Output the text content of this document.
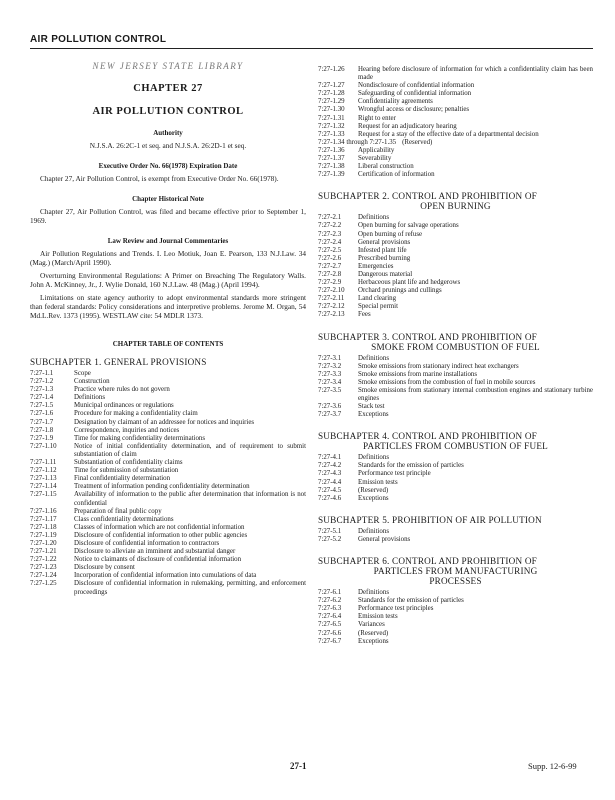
AIR POLLUTION CONTROL
NEW JERSEY STATE LIBRARY
CHAPTER 27
AIR POLLUTION CONTROL
Authority
N.J.S.A. 26:2C-1 et seq. and N.J.S.A. 26:2D-1 et seq.
Executive Order No. 66(1978) Expiration Date
Chapter 27, Air Pollution Control, is exempt from Executive Order No. 66(1978).
Chapter Historical Note
Chapter 27, Air Pollution Control, was filed and became effective prior to September 1, 1969.
Law Review and Journal Commentaries
Air Pollution Regulations and Trends. I. Leo Motiuk, Joan E. Pearson, 133 N.J.Law. 34 (Mag.) (March/April 1990).
Overturning Environmental Regulations: A Primer on Breaching The Regulatory Walls. John A. McKinney, Jr., J. Wylie Donald, 160 N.J.Law. 48 (Mag.) (April 1994).
Limitations on state agency authority to adopt environmental standards more stringent than federal standards: Policy considerations and interpretive problems. Jerome M. Organ, 54 Md.L.Rev. 1373 (1995). WESTLAW cite: 54 MDLR 1373.
CHAPTER TABLE OF CONTENTS
SUBCHAPTER 1. GENERAL PROVISIONS
7:27-1.1	Scope
7:27-1.2	Construction
7:27-1.3	Practice where rules do not govern
7:27-1.4	Definitions
7:27-1.5	Municipal ordinances or regulations
7:27-1.6	Procedure for making a confidentiality claim
7:27-1.7	Designation by claimant of an addressee for notices and inquiries
7:27-1.8	Correspondence, inquiries and notices
7:27-1.9	Time for making confidentiality determinations
7:27-1.10	Notice of initial confidentiality determination, and of requirement to submit substantiation of claim
7:27-1.11	Substantiation of confidentiality claims
7:27-1.12	Time for submission of substantiation
7:27-1.13	Final confidentiality determination
7:27-1.14	Treatment of information pending confidentiality determination
7:27-1.15	Availability of information to the public after determination that information is not confidential
7:27-1.16	Preparation of final public copy
7:27-1.17	Class confidentiality determinations
7:27-1.18	Classes of information which are not confidential information
7:27-1.19	Disclosure of confidential information to other public agencies
7:27-1.20	Disclosure of confidential information to contractors
7:27-1.21	Disclosure to alleviate an imminent and substantial danger
7:27-1.22	Notice to claimants of disclosure of confidential information
7:27-1.23	Disclosure by consent
7:27-1.24	Incorporation of confidential information into cumulations of data
7:27-1.25	Disclosure of confidential information in rulemaking, permitting, and enforcement proceedings
7:27-1.26	Hearing before disclosure of information for which a confidentiality claim has been made
7:27-1.27	Nondisclosure of confidential information
7:27-1.28	Safeguarding of confidential information
7:27-1.29	Confidentiality agreements
7:27-1.30	Wrongful access or disclosure; penalties
7:27-1.31	Right to enter
7:27-1.32	Request for an adjudicatory hearing
7:27-1.33	Request for a stay of the effective date of a departmental decision
7:27-1.34 through 7:27-1.35 (Reserved)
7:27-1.36	Applicability
7:27-1.37	Severability
7:27-1.38	Liberal construction
7:27-1.39	Certification of information
SUBCHAPTER 2. CONTROL AND PROHIBITION OF
OPEN BURNING
7:27-2.1	Definitions
7:27-2.2	Open burning for salvage operations
7:27-2.3	Open burning of refuse
7:27-2.4	General provisions
7:27-2.5	Infested plant life
7:27-2.6	Prescribed burning
7:27-2.7	Emergencies
7:27-2.8	Dangerous material
7:27-2.9	Herbaceous plant life and hedgerows
7:27-2.10	Orchard prunings and cullings
7:27-2.11	Land clearing
7:27-2.12	Special permit
7:27-2.13	Fees
SUBCHAPTER 3. CONTROL AND PROHIBITION OF
SMOKE FROM COMBUSTION OF FUEL
7:27-3.1	Definitions
7:27-3.2	Smoke emissions from stationary indirect heat exchangers
7:27-3.3	Smoke emissions from marine installations
7:27-3.4	Smoke emissions from the combustion of fuel in mobile sources
7:27-3.5	Smoke emissions from stationary internal combustion engines and stationary turbine engines
7:27-3.6	Stack test
7:27-3.7	Exceptions
SUBCHAPTER 4. CONTROL AND PROHIBITION OF
PARTICLES FROM COMBUSTION OF FUEL
7:27-4.1	Definitions
7:27-4.2	Standards for the emission of particles
7:27-4.3	Performance test principle
7:27-4.4	Emission tests
7:27-4.5	(Reserved)
7:27-4.6	Exceptions
SUBCHAPTER 5. PROHIBITION OF AIR POLLUTION
7:27-5.1	Definitions
7:27-5.2	General provisions
SUBCHAPTER 6. CONTROL AND PROHIBITION OF
PARTICLES FROM MANUFACTURING
PROCESSES
7:27-6.1	Definitions
7:27-6.2	Standards for the emission of particles
7:27-6.3	Performance test principles
7:27-6.4	Emission tests
7:27-6.5	Variances
7:27-6.6	(Reserved)
7:27-6.7	Exceptions
27-1	Supp. 12-6-99
